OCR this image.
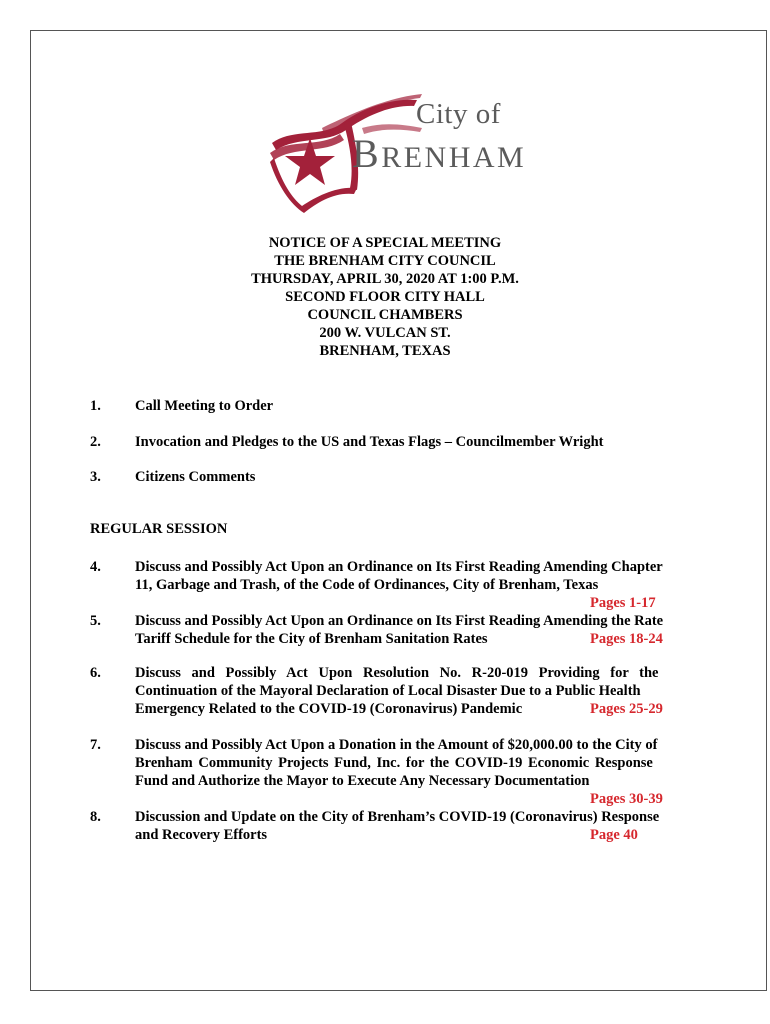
City of
BRENHAM
NOTICE OF A SPECIAL MEETING
THE BRENHAM CITY COUNCIL
THURSDAY, APRIL 30, 2020 AT 1:00 P.M.
SECOND FLOOR CITY HALL
COUNCIL CHAMBERS
200 W. VULCAN ST.
BRENHAM, TEXAS
1. Call Meeting to Order
2. Invocation and Pledges to the US and Texas Flags – Councilmember Wright
3. Citizens Comments
REGULAR SESSION
4. Discuss and Possibly Act Upon an Ordinance on Its First Reading Amending Chapter
11, Garbage and Trash, of the Code of Ordinances, City of Brenham, Texas
Pages 1-17
5. Discuss and Possibly Act Upon an Ordinance on Its First Reading Amending the Rate
Tariff Schedule for the City of Brenham Sanitation Rates	Pages 18-24
6. Discuss and Possibly Act Upon Resolution No. R-20-019 Providing for the
Continuation of the Mayoral Declaration of Local Disaster Due to a Public Health
Emergency Related to the COVID-19 (Coronavirus) Pandemic	Pages 25-29
7. Discuss and Possibly Act Upon a Donation in the Amount of $20,000.00 to the City of
Brenham Community Projects Fund, Inc. for the COVID-19 Economic Response
Fund and Authorize the Mayor to Execute Any Necessary Documentation
Pages 30-39
8. Discussion and Update on the City of Brenham’s COVID-19 (Coronavirus) Response
and Recovery Efforts	Page 40
